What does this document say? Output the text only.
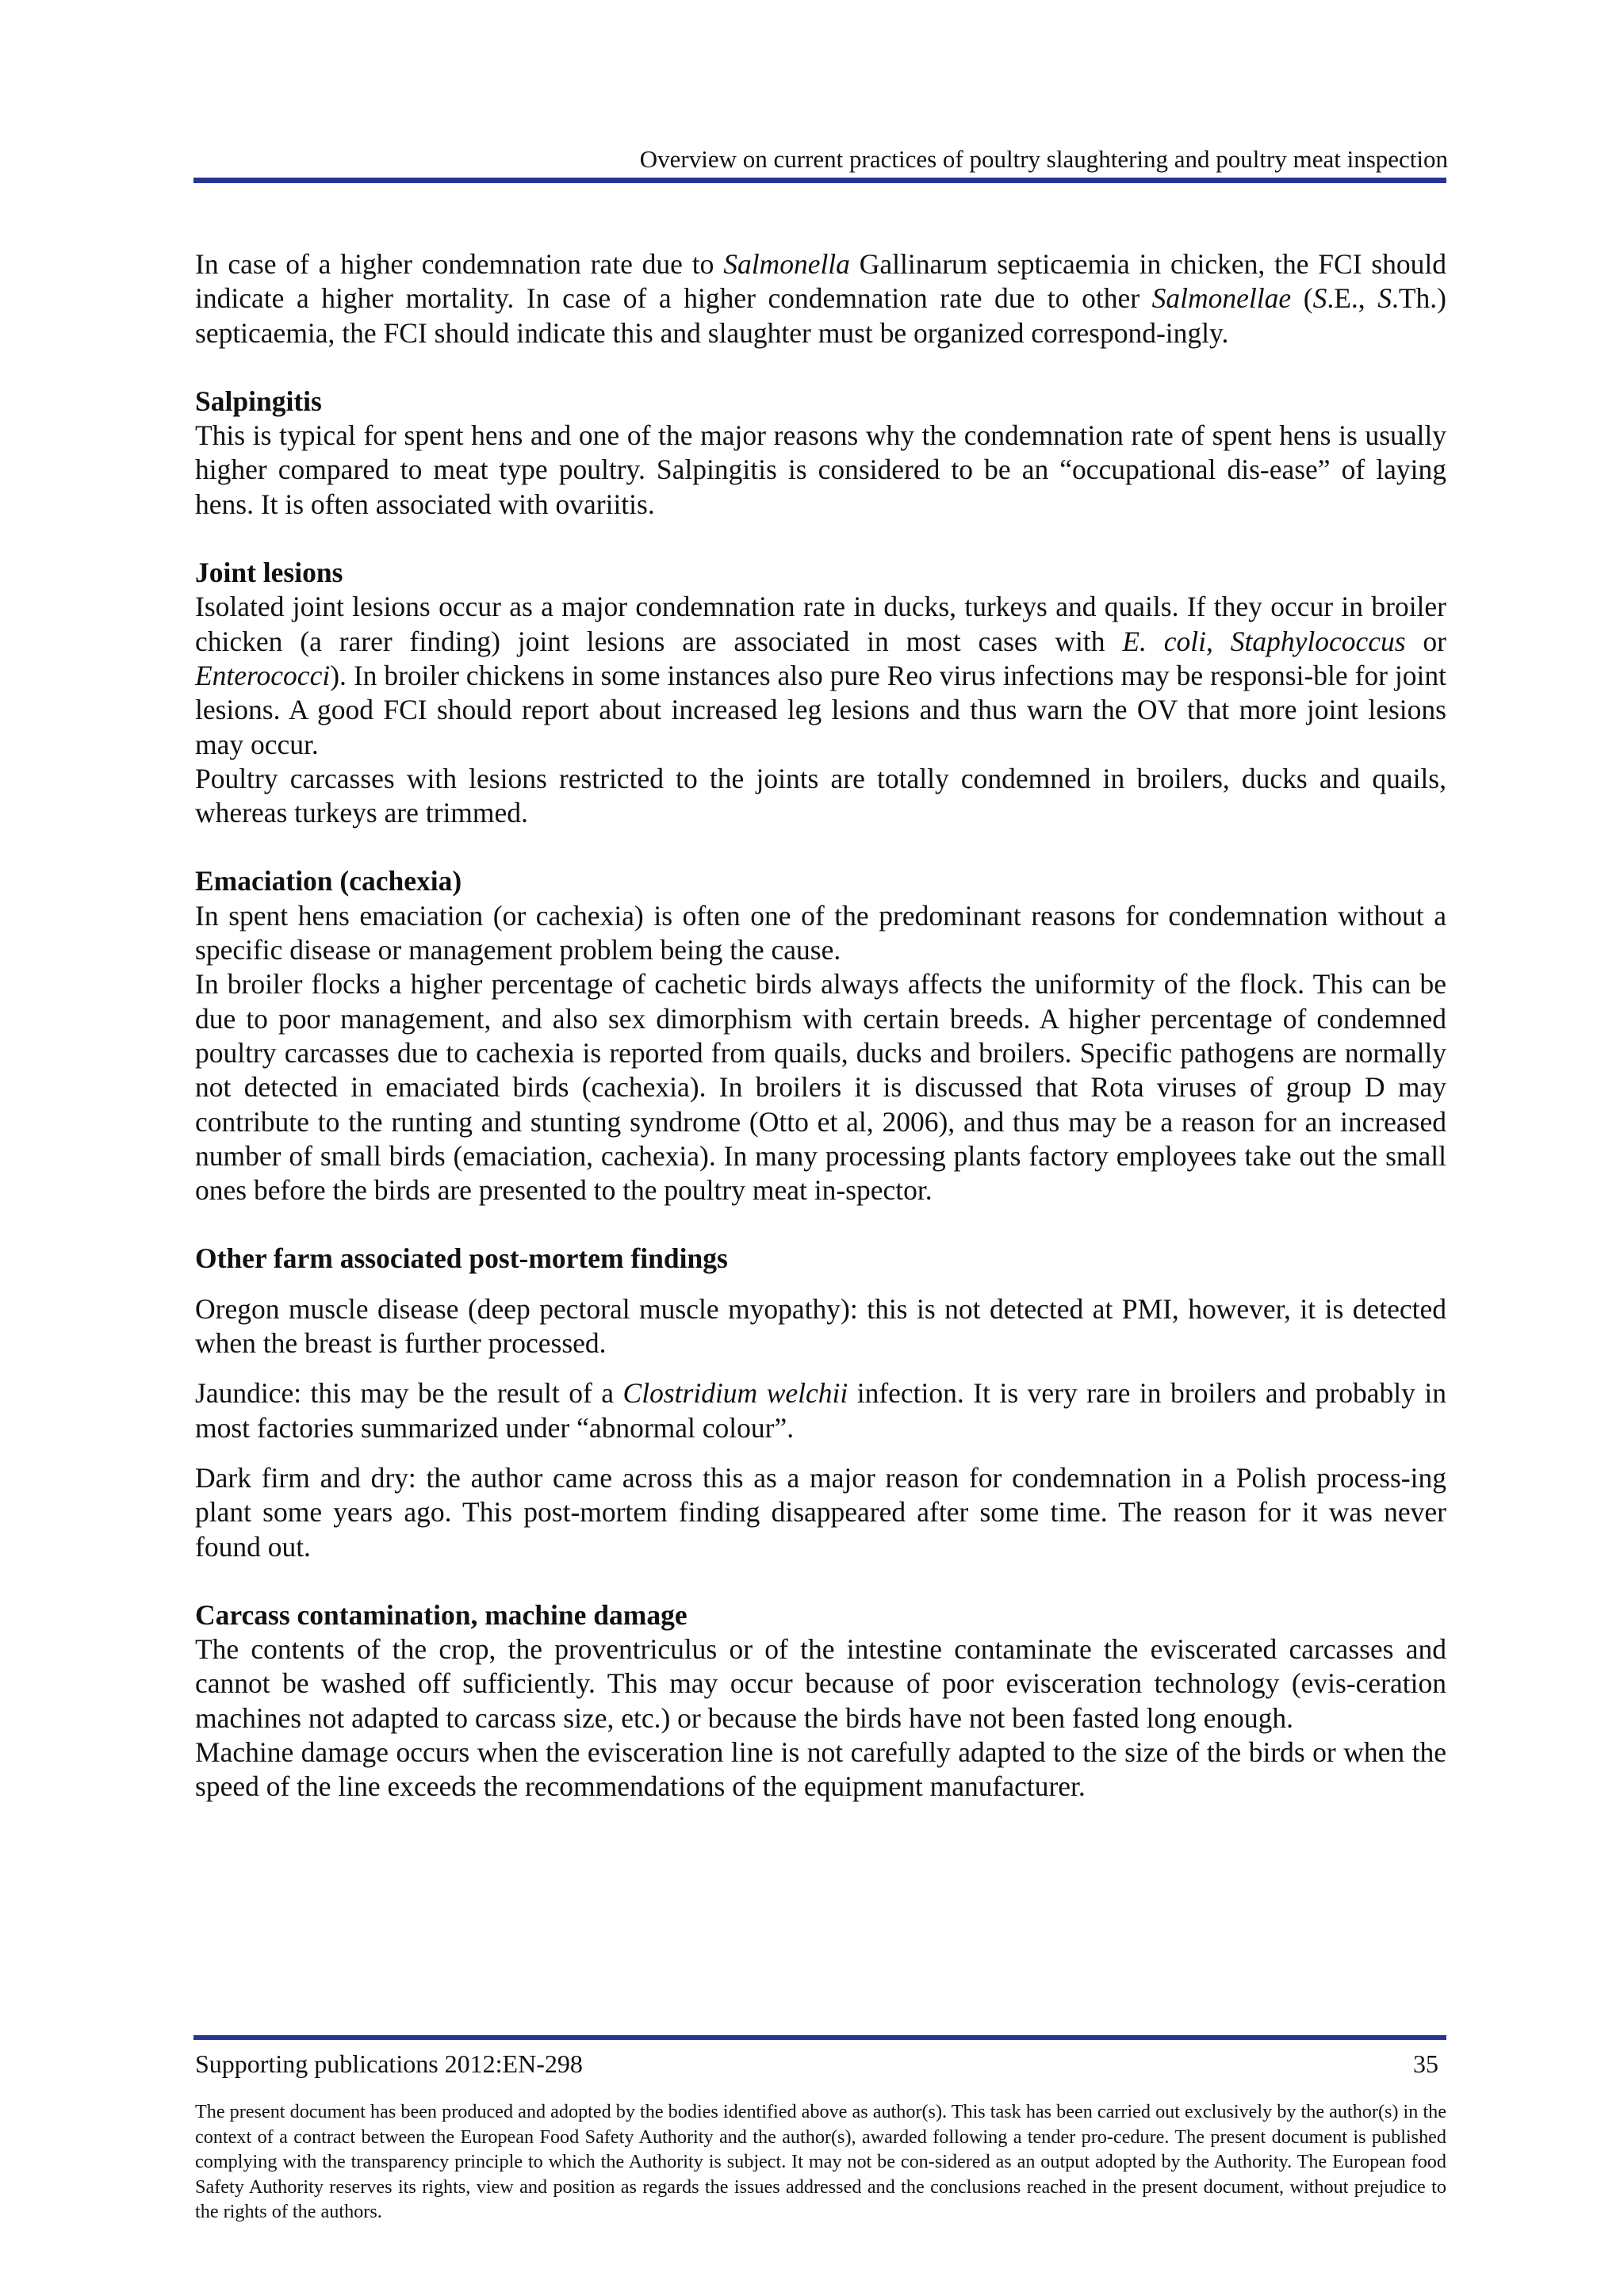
Overview on current practices of poultry slaughtering and poultry meat inspection

In case of a higher condemnation rate due to Salmonella Gallinarum septicaemia in chicken, the FCI should indicate a higher mortality. In case of a higher condemnation rate due to other Salmonellae (S.E., S.Th.) septicaemia, the FCI should indicate this and slaughter must be organized correspond-ingly.

Salpingitis

This is typical for spent hens and one of the major reasons why the condemnation rate of spent hens is usually higher compared to meat type poultry. Salpingitis is considered to be an “occupational dis-ease” of laying hens. It is often associated with ovariitis.

Joint lesions

Isolated joint lesions occur as a major condemnation rate in ducks, turkeys and quails. If they occur in broiler chicken (a rarer finding) joint lesions are associated in most cases with E. coli, Staphylococcus or Enterococci). In broiler chickens in some instances also pure Reo virus infections may be responsi-ble for joint lesions. A good FCI should report about increased leg lesions and thus warn the OV that more joint lesions may occur.

Poultry carcasses with lesions restricted to the joints are totally condemned in broilers, ducks and quails, whereas turkeys are trimmed.

Emaciation (cachexia)

In spent hens emaciation (or cachexia) is often one of the predominant reasons for condemnation without a specific disease or management problem being the cause.

In broiler flocks a higher percentage of cachetic birds always affects the uniformity of the flock. This can be due to poor management, and also sex dimorphism with certain breeds. A higher percentage of condemned poultry carcasses due to cachexia is reported from quails, ducks and broilers. Specific pathogens are normally not detected in emaciated birds (cachexia). In broilers it is discussed that Rota viruses of group D may contribute to the runting and stunting syndrome (Otto et al, 2006), and thus may be a reason for an increased number of small birds (emaciation, cachexia). In many processing plants factory employees take out the small ones before the birds are presented to the poultry meat in-spector.

Other farm associated post-mortem findings

Oregon muscle disease (deep pectoral muscle myopathy): this is not detected at PMI, however, it is detected when the breast is further processed.

Jaundice: this may be the result of a Clostridium welchii infection. It is very rare in broilers and probably in most factories summarized under “abnormal colour”.

Dark firm and dry: the author came across this as a major reason for condemnation in a Polish process-ing plant some years ago. This post-mortem finding disappeared after some time. The reason for it was never found out.

Carcass contamination, machine damage

The contents of the crop, the proventriculus or of the intestine contaminate the eviscerated carcasses and cannot be washed off sufficiently. This may occur because of poor evisceration technology (evis-ceration machines not adapted to carcass size, etc.) or because the birds have not been fasted long enough.

Machine damage occurs when the evisceration line is not carefully adapted to the size of the birds or when the speed of the line exceeds the recommendations of the equipment manufacturer.

Supporting publications 2012:EN-298	35
The present document has been produced and adopted by the bodies identified above as author(s). This task has been carried out exclusively by the author(s) in the context of a contract between the European Food Safety Authority and the author(s), awarded following a tender pro-cedure. The present document is published complying with the transparency principle to which the Authority is subject. It may not be con-sidered as an output adopted by the Authority. The European food Safety Authority reserves its rights, view and position as regards the issues addressed and the conclusions reached in the present document, without prejudice to the rights of the authors.
